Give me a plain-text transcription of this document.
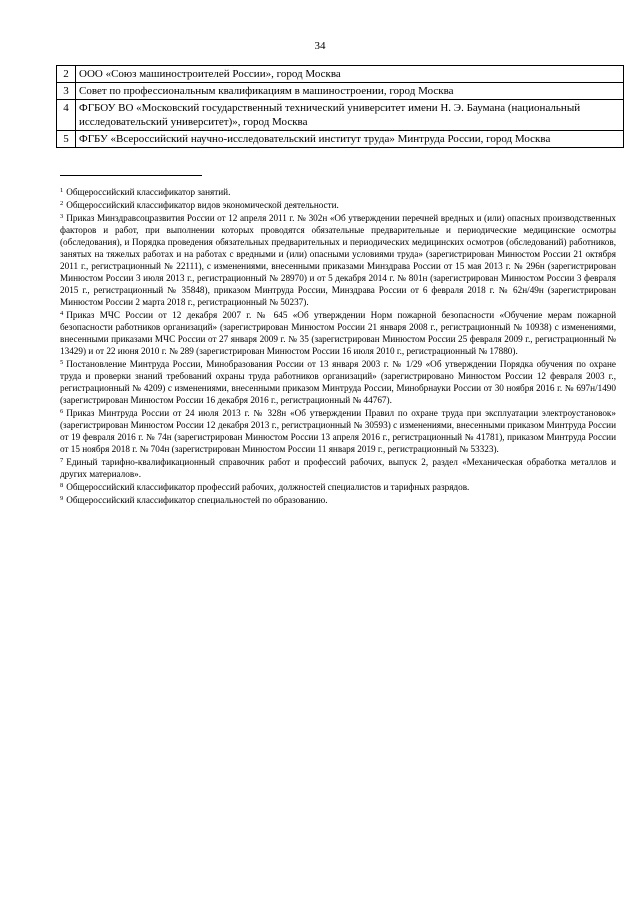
34
2	ООО «Союз машиностроителей России», город Москва
3	Совет по профессиональным квалификациям в машиностроении, город Москва
4	ФГБОУ ВО «Московский государственный технический университет имени Н. Э. Баумана (национальный исследовательский университет)», город Москва
5	ФГБУ «Всероссийский научно-исследовательский институт труда» Минтруда России, город Москва

$^1$ Общероссийский классификатор занятий.

$^2$ Общероссийский классификатор видов экономической деятельности.

$^3$ Приказ Минздравсоцразвития России от 12 апреля 2011 г. № 302н «Об утверждении перечней вредных и (или) опасных производственных факторов и работ, при выполнении которых проводятся обязательные предварительные и периодические медицинские осмотры (обследования), и Порядка проведения обязательных предварительных и периодических медицинских осмотров (обследований) работников, занятых на тяжелых работах и на работах с вредными и (или) опасными условиями труда» (зарегистрирован Минюстом России 21 октября 2011 г., регистрационный № 22111), с изменениями, внесенными приказами Минздрава России от 15 мая 2013 г. № 296н (зарегистрирован Минюстом России 3 июля 2013 г., регистрационный № 28970) и от 5 декабря 2014 г. № 801н (зарегистрирован Минюстом России 3 февраля 2015 г., регистрационный № 35848), приказом Минтруда России, Минздрава России от 6 февраля 2018 г. № 62н/49н (зарегистрирован Минюстом России 2 марта 2018 г., регистрационный № 50237).

$^4$ Приказ МЧС России от 12 декабря 2007 г. № 645 «Об утверждении Норм пожарной безопасности «Обучение мерам пожарной безопасности работников организаций» (зарегистрирован Минюстом России 21 января 2008 г., регистрационный № 10938) с изменениями, внесенными приказами МЧС России от 27 января 2009 г. № 35 (зарегистрирован Минюстом России 25 февраля 2009 г., регистрационный № 13429) и от 22 июня 2010 г. № 289 (зарегистрирован Минюстом России 16 июля 2010 г., регистрационный № 17880).

$^5$ Постановление Минтруда России, Минобразования России от 13 января 2003 г. № 1/29 «Об утверждении Порядка обучения по охране труда и проверки знаний требований охраны труда работников организаций» (зарегистрировано Минюстом России 12 февраля 2003 г., регистрационный № 4209) с изменениями, внесенными приказом Минтруда России, Минобрнауки России от 30 ноября 2016 г. № 697н/1490 (зарегистрирован Минюстом России 16 декабря 2016 г., регистрационный № 44767).

$^6$ Приказ Минтруда России от 24 июля 2013 г. № 328н «Об утверждении Правил по охране труда при эксплуатации электроустановок» (зарегистрирован Минюстом России 12 декабря 2013 г., регистрационный № 30593) с изменениями, внесенными приказом Минтруда России от 19 февраля 2016 г. № 74н (зарегистрирован Минюстом России 13 апреля 2016 г., регистрационный № 41781), приказом Минтруда России от 15 ноября 2018 г. № 704н (зарегистрирован Минюстом России 11 января 2019 г., регистрационный № 53323).

$^7$ Единый тарифно-квалификационный справочник работ и профессий рабочих, выпуск 2, раздел «Механическая обработка металлов и других материалов».

$^8$ Общероссийский классификатор профессий рабочих, должностей специалистов и тарифных разрядов.

$^9$ Общероссийский классификатор специальностей по образованию.
